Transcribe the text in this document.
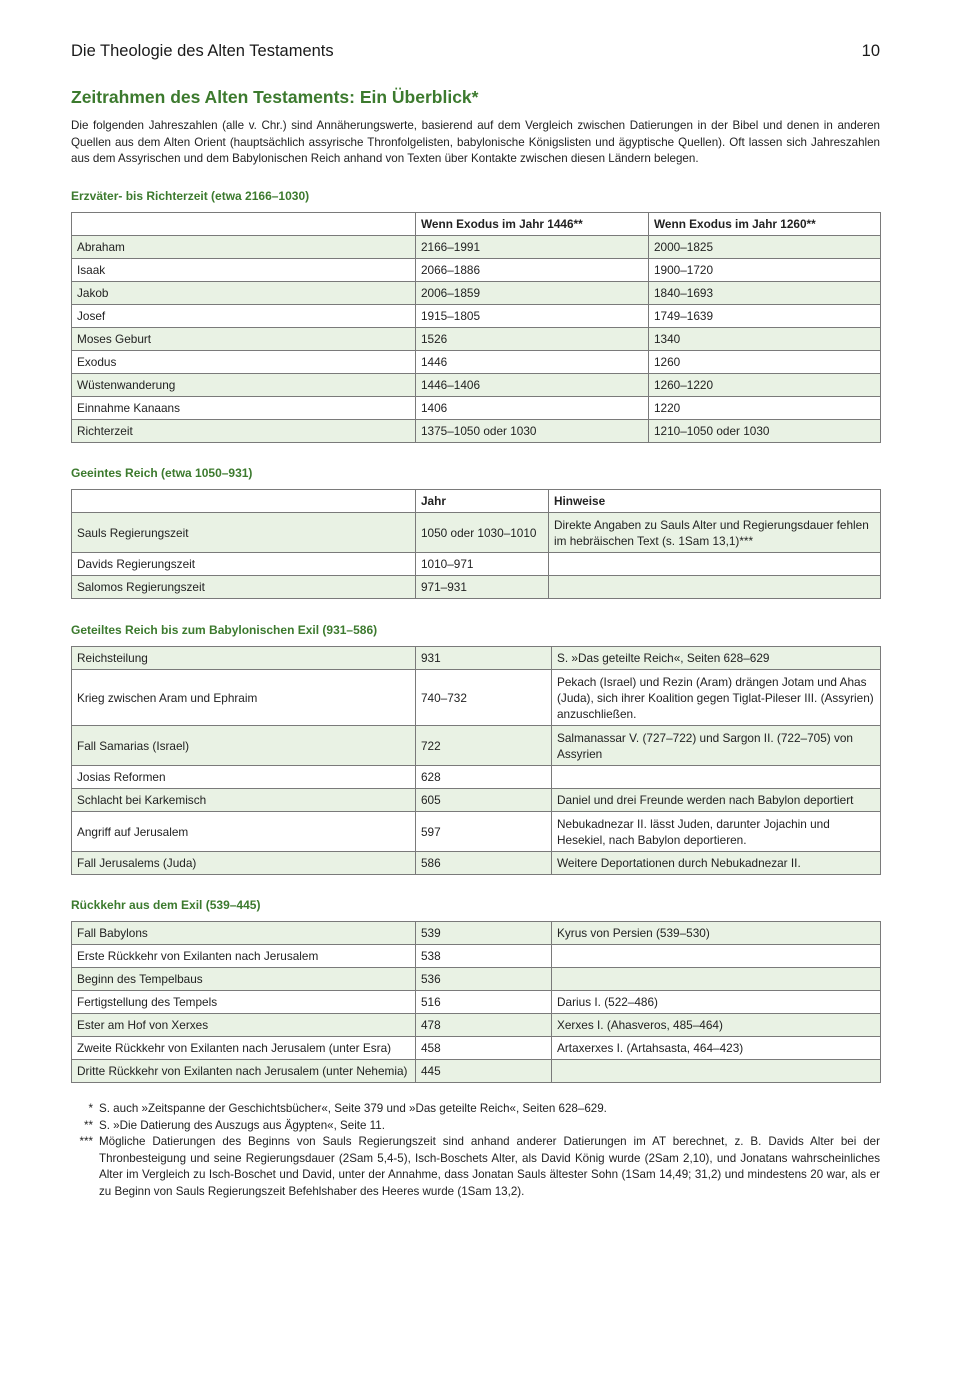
Die Theologie des Alten Testaments	10
Zeitrahmen des Alten Testaments: Ein Überblick*
Die folgenden Jahreszahlen (alle v. Chr.) sind Annäherungswerte, basierend auf dem Vergleich zwischen Datierungen in der Bibel und denen in anderen Quellen aus dem Alten Orient (hauptsächlich assyrische Thronfolgelisten, babylonische Königslisten und ägyptische Quellen). Oft lassen sich Jahreszahlen aus dem Assyrischen und dem Babylonischen Reich anhand von Texten über Kontakte zwischen diesen Ländern belegen.
Erzväter- bis Richterzeit (etwa 2166–1030)
	Wenn Exodus im Jahr 1446**	Wenn Exodus im Jahr 1260**
Abraham	2166–1991	2000–1825
Isaak	2066–1886	1900–1720
Jakob	2006–1859	1840–1693
Josef	1915–1805	1749–1639
Moses Geburt	1526	1340
Exodus	1446	1260
Wüstenwanderung	1446–1406	1260–1220
Einnahme Kanaans	1406	1220
Richterzeit	1375–1050 oder 1030	1210–1050 oder 1030
Geeintes Reich (etwa 1050–931)
	Jahr	Hinweise
Sauls Regierungszeit	1050 oder 1030–1010	Direkte Angaben zu Sauls Alter und Regierungsdauer fehlen im hebräischen Text (s. 1Sam 13,1)***
Davids Regierungszeit	1010–971	
Salomos Regierungszeit	971–931	
Geteiltes Reich bis zum Babylonischen Exil (931–586)
Reichsteilung	931	S. »Das geteilte Reich«, Seiten 628–629
Krieg zwischen Aram und Ephraim	740–732	Pekach (Israel) und Rezin (Aram) drängen Jotam und Ahas (Juda), sich ihrer Koalition gegen Tiglat-Pileser III. (Assyrien) anzuschließen.
Fall Samarias (Israel)	722	Salmanassar V. (727–722) und Sargon II. (722–705) von Assyrien
Josias Reformen	628	
Schlacht bei Karkemisch	605	Daniel und drei Freunde werden nach Babylon deportiert
Angriff auf Jerusalem	597	Nebukadnezar II. lässt Juden, darunter Jojachin und Hesekiel, nach Babylon deportieren.
Fall Jerusalems (Juda)	586	Weitere Deportationen durch Nebukadnezar II.
Rückkehr aus dem Exil (539–445)
Fall Babylons	539	Kyrus von Persien (539–530)
Erste Rückkehr von Exilanten nach Jerusalem	538	
Beginn des Tempelbaus	536	
Fertigstellung des Tempels	516	Darius I. (522–486)
Ester am Hof von Xerxes	478	Xerxes I. (Ahasveros, 485–464)
Zweite Rückkehr von Exilanten nach Jerusalem (unter Esra)	458	Artaxerxes I. (Artahsasta, 464–423)
Dritte Rückkehr von Exilanten nach Jerusalem (unter Nehemia)	445	
* S. auch »Zeitspanne der Geschichtsbücher«, Seite 379 und »Das geteilte Reich«, Seiten 628–629.
** S. »Die Datierung des Auszugs aus Ägypten«, Seite 11.
*** Mögliche Datierungen des Beginns von Sauls Regierungszeit sind anhand anderer Datierungen im AT berechnet, z. B. Davids Alter bei der Thronbesteigung und seine Regierungsdauer (2Sam 5,4-5), Isch-Boschets Alter, als David König wurde (2Sam 2,10), und Jonatans wahrscheinliches Alter im Vergleich zu Isch-Boschet und David, unter der Annahme, dass Jonatan Sauls ältester Sohn (1Sam 14,49; 31,2) und mindestens 20 war, als er zu Beginn von Sauls Regierungszeit Befehlshaber des Heeres wurde (1Sam 13,2).
